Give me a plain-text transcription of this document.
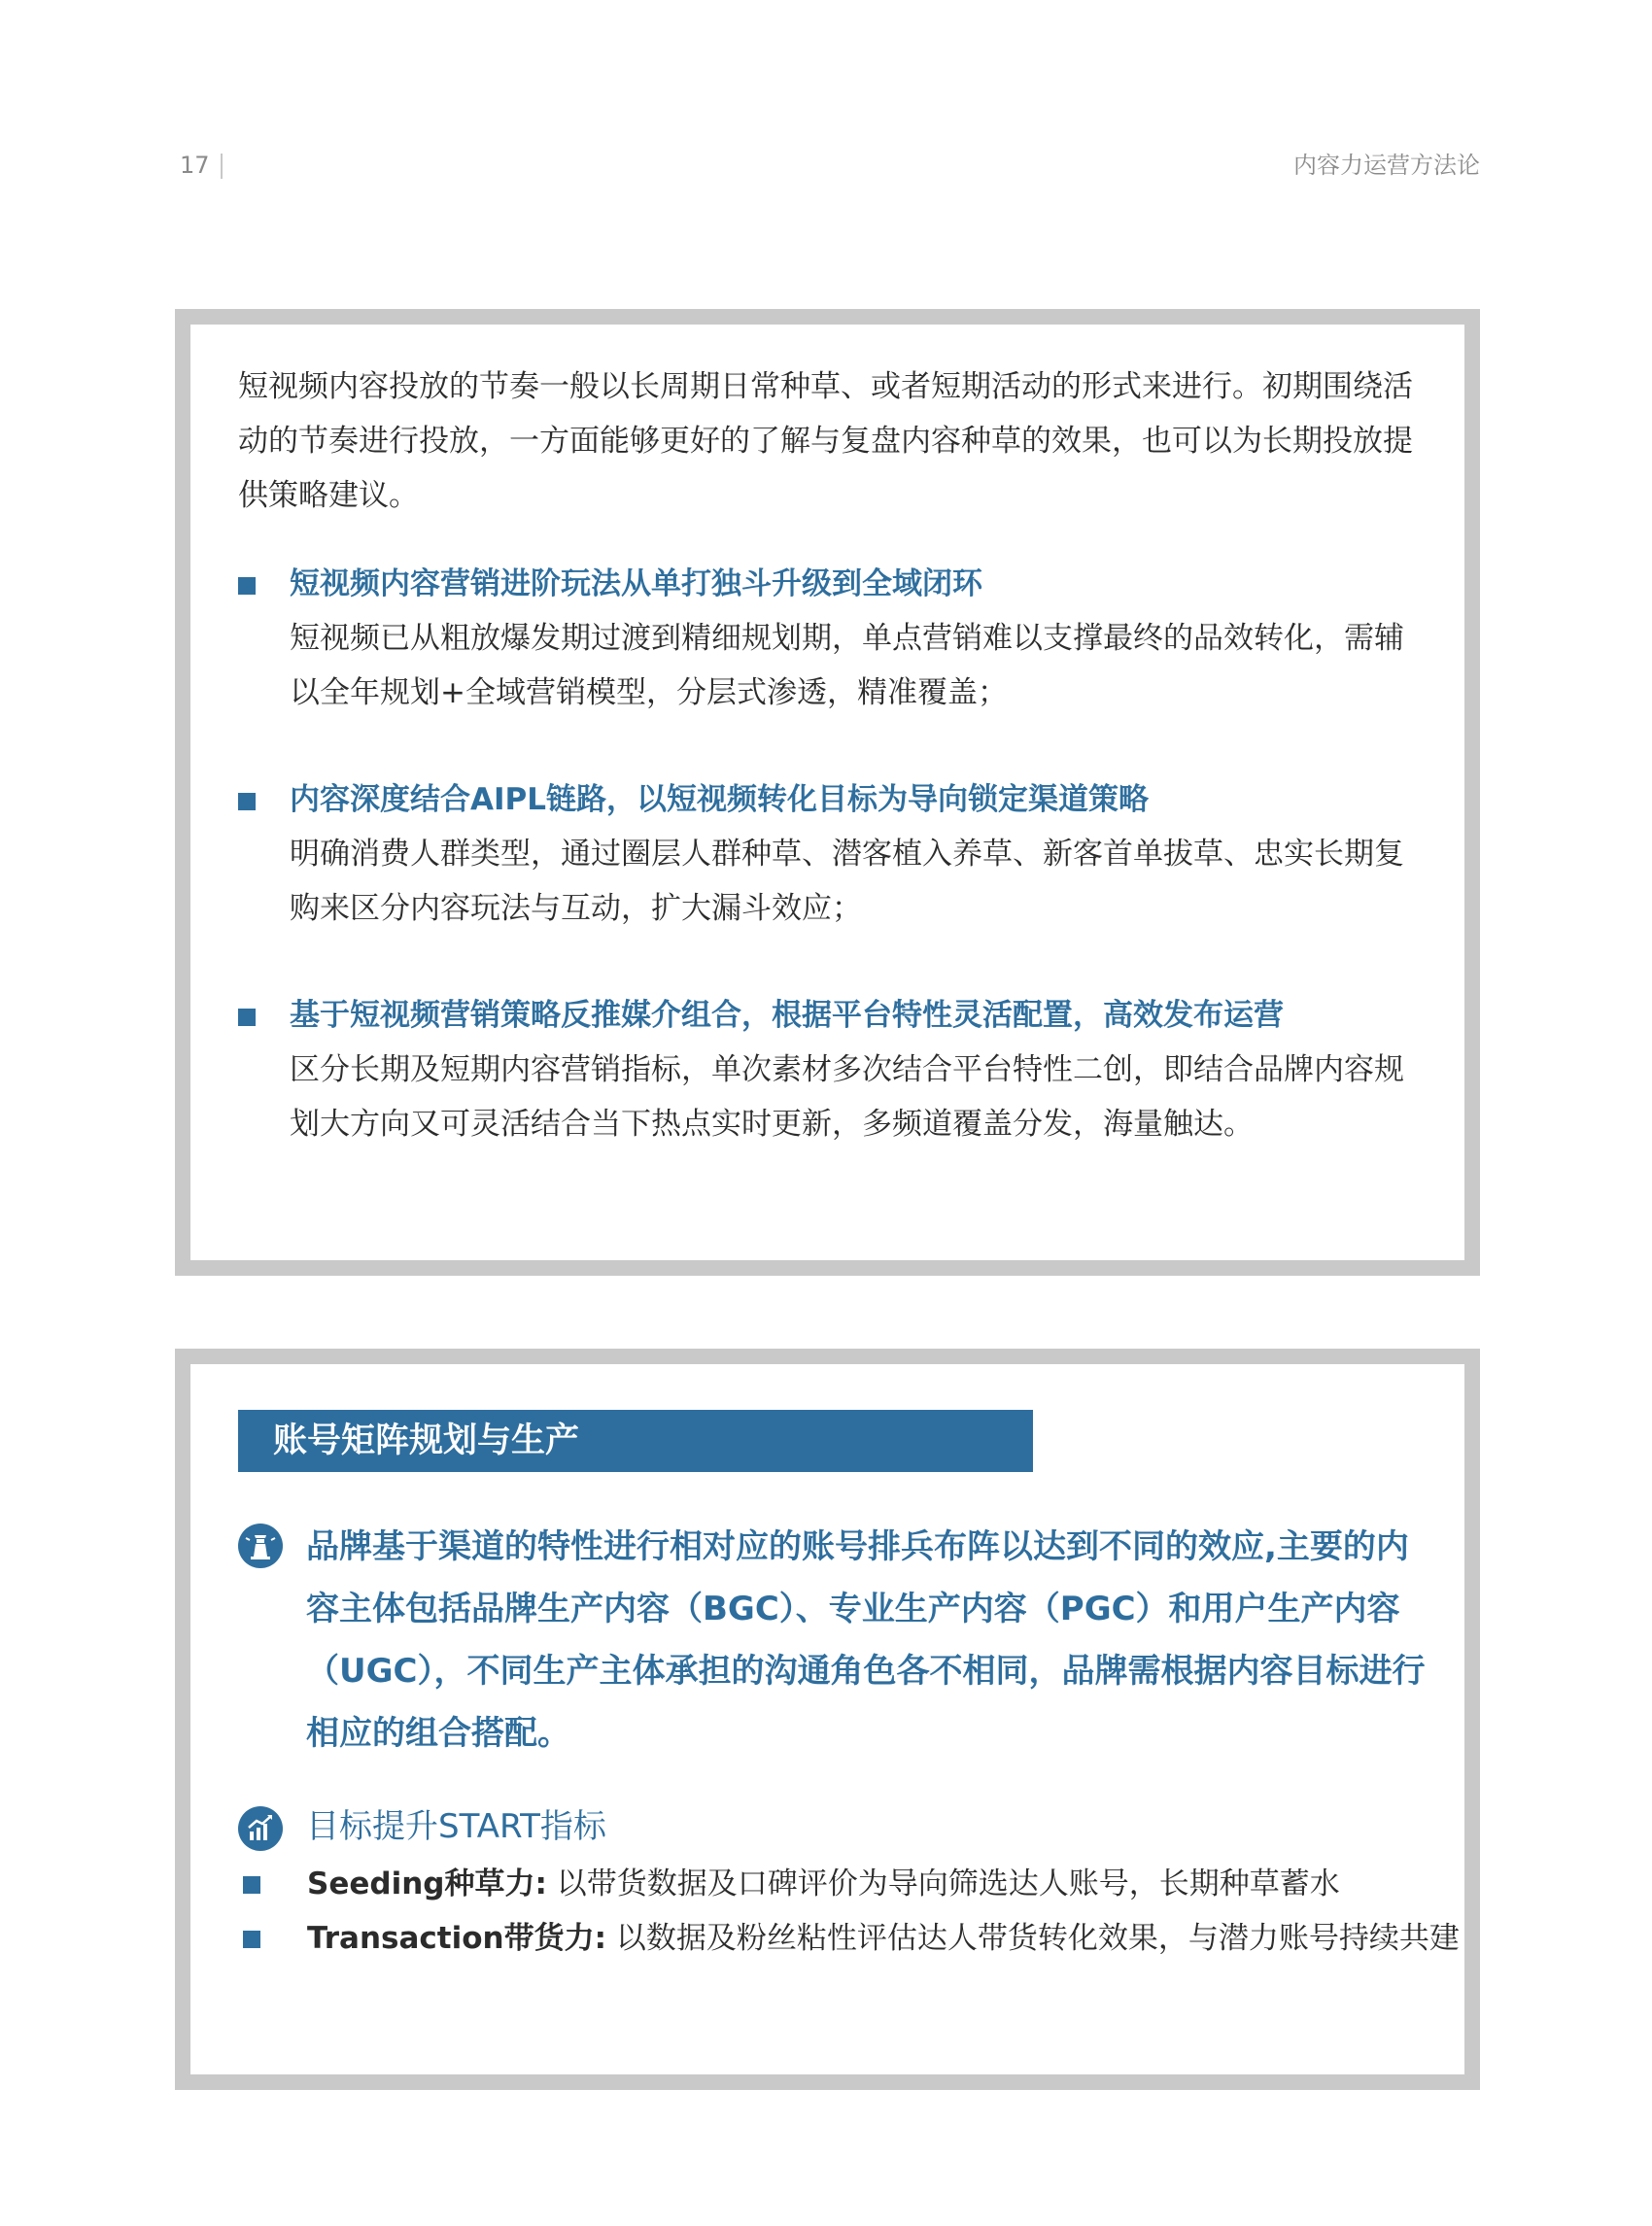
17	内容力运营方法论
短视频内容投放的节奏一般以长周期日常种草、或者短期活动的形式来进行。初期围绕活动的节奏进行投放，一方面能够更好的了解与复盘内容种草的效果，也可以为长期投放提供策略建议。
短视频内容营销进阶玩法从单打独斗升级到全域闭环
短视频已从粗放爆发期过渡到精细规划期，单点营销难以支撑最终的品效转化，需辅以全年规划+全域营销模型，分层式渗透，精准覆盖；
内容深度结合AIPL链路，以短视频转化目标为导向锁定渠道策略
明确消费人群类型，通过圈层人群种草、潜客植入养草、新客首单拔草、忠实长期复购来区分内容玩法与互动，扩大漏斗效应；
基于短视频营销策略反推媒介组合，根据平台特性灵活配置，高效发布运营
区分长期及短期内容营销指标，单次素材多次结合平台特性二创，即结合品牌内容规划大方向又可灵活结合当下热点实时更新，多频道覆盖分发，海量触达。
账号矩阵规划与生产
品牌基于渠道的特性进行相对应的账号排兵布阵以达到不同的效应,主要的内容主体包括品牌生产内容（BGC）、专业生产内容（PGC）和用户生产内容（UGC），不同生产主体承担的沟通角色各不相同，品牌需根据内容目标进行相应的组合搭配。
目标提升START指标
Seeding种草力: 以带货数据及口碑评价为导向筛选达人账号，长期种草蓄水
Transaction带货力: 以数据及粉丝粘性评估达人带货转化效果，与潜力账号持续共建
